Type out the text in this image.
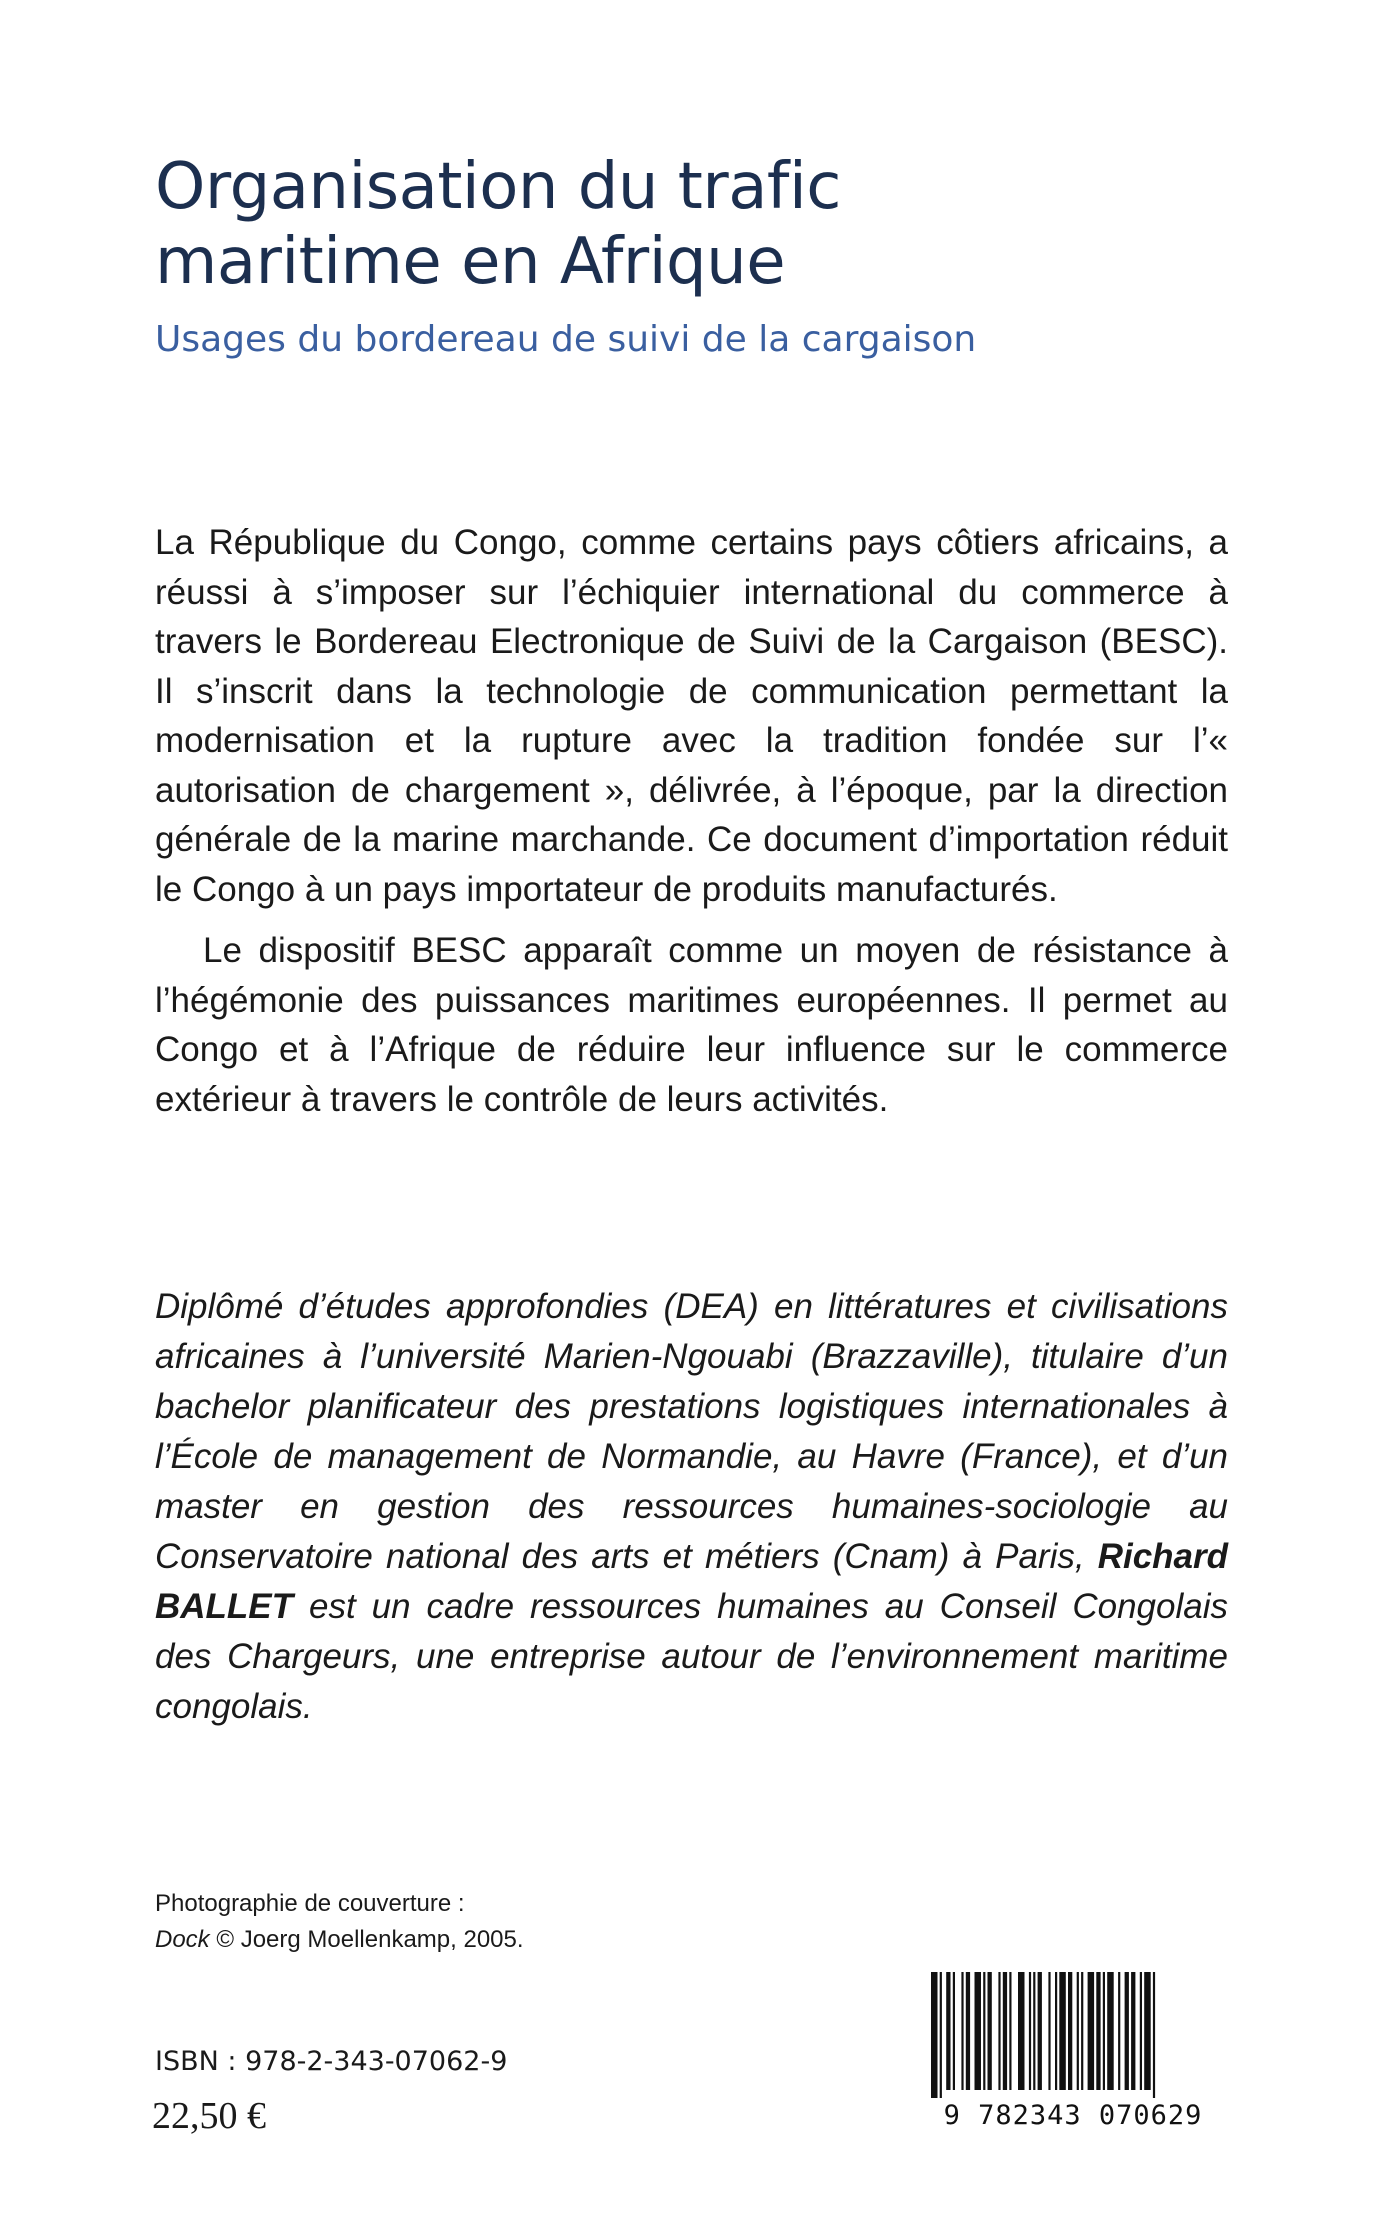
Organisation du trafic
maritime en Afrique
Usages du bordereau de suivi de la cargaison

La République du Congo, comme certains pays côtiers africains, a réussi à s’imposer sur l’échiquier international du commerce à travers le Bordereau Electronique de Suivi de la Cargaison (BESC). Il s’inscrit dans la technologie de communication permettant la modernisation et la rupture avec la tradition fondée sur l’« autorisation de chargement », délivrée, à l’époque, par la direction générale de la marine marchande. Ce document d’importation réduit le Congo à un pays importateur de produits manufacturés.

Le dispositif BESC apparaît comme un moyen de résistance à l’hégémonie des puissances maritimes européennes. Il permet au Congo et à l’Afrique de réduire leur influence sur le commerce extérieur à travers le contrôle de leurs activités.

Diplômé d’études approfondies (DEA) en littératures et civilisations africaines à l’université Marien-Ngouabi (Brazzaville), titulaire d’un bachelor planificateur des prestations logistiques internationales à l’École de management de Normandie, au Havre (France), et d’un master en gestion des ressources humaines-sociologie au Conservatoire national des arts et métiers (Cnam) à Paris, Richard BALLET est un cadre ressources humaines au Conseil Congolais des Chargeurs, une entreprise autour de l’environnement maritime congolais.
Photographie de couverture :
Dock © Joerg Moellenkamp, 2005.
ISBN : 978-2-343-07062-9
22,50 €	9 782343 070629
